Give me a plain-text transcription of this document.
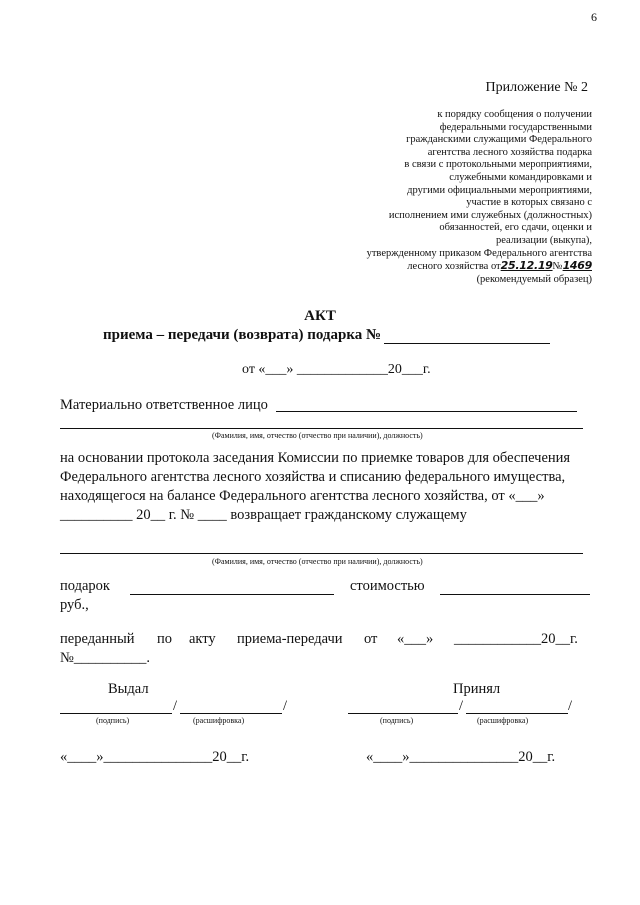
6
Приложение № 2
к порядку сообщения о получении
федеральными государственными
гражданскими служащими Федерального
агентства лесного хозяйства подарка
в связи с протокольными мероприятиями,
служебными командировками и
другими официальными мероприятиями,
участие в которых связано с
исполнением ими служебных (должностных)
обязанностей, его сдачи, оценки и
реализации (выкупа),
утвержденному приказом Федерального агентства
лесного хозяйства от25.12.19№1469
(рекомендуемый образец)
АКТ
приема – передачи (возврата) подарка №
от «___» _____________20___г.
Материально ответственное лицо
(Фамилия, имя, отчество (отчество при наличии), должность)
на основании протокола заседания Комиссии по приемке товаров для обеспечения
Федерального агентства лесного хозяйства и списанию федерального имущества,
находящегося на балансе Федерального агентства лесного хозяйства, от «___»
__________ 20__ г. № ____ возвращает гражданскому служащему
(Фамилия, имя, отчество (отчество при наличии), должность)
подарок	стоимостью
руб.,
переданный по акту приема-передачи от «___» ____________20__г.
№__________.
Выдал	Принял
/	/	/	/
(подпись)	(расшифровка)	(подпись)	(расшифровка)
«____»_______________20__г.	«____»_______________20__г.
